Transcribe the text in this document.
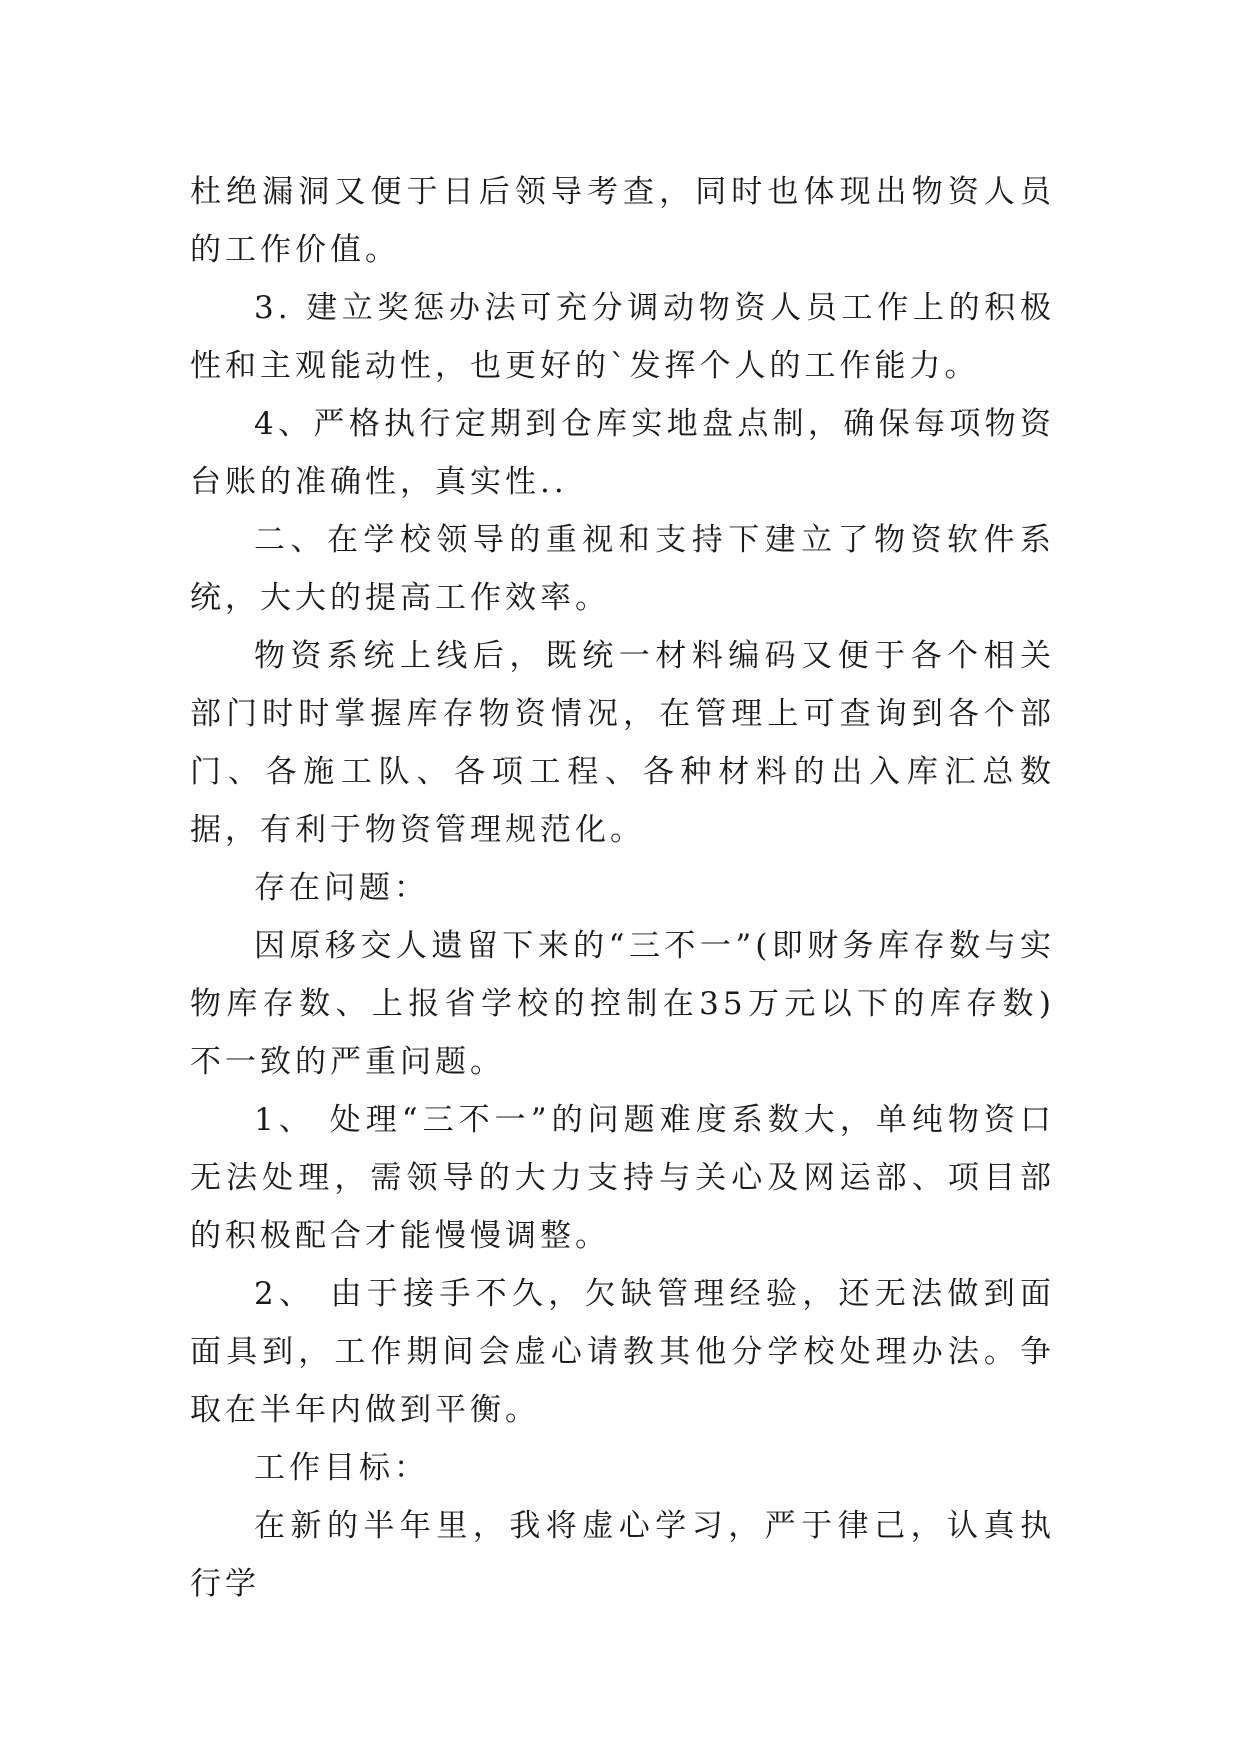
杜绝漏洞又便于日后领导考查，同时也体现出物资人员的工作价值。

3. 建立奖惩办法可充分调动物资人员工作上的积极性和主观能动性，也更好的`发挥个人的工作能力。

4、严格执行定期到仓库实地盘点制，确保每项物资台账的准确性，真实性..

二、在学校领导的重视和支持下建立了物资软件系统，大大的提高工作效率。

物资系统上线后，既统一材料编码又便于各个相关部门时时掌握库存物资情况，在管理上可查询到各个部门、各施工队、各项工程、各种材料的出入库汇总数据，有利于物资管理规范化。

存在问题：

因原移交人遗留下来的“三不一”(即财务库存数与实物库存数、上报省学校的控制在35万元以下的库存数)不一致的严重问题。

1、 处理“三不一”的问题难度系数大，单纯物资口无法处理，需领导的大力支持与关心及网运部、项目部的积极配合才能慢慢调整。

2、 由于接手不久，欠缺管理经验，还无法做到面面具到，工作期间会虚心请教其他分学校处理办法。争取在半年内做到平衡。

工作目标：

在新的半年里，我将虚心学习，严于律己，认真执行学
